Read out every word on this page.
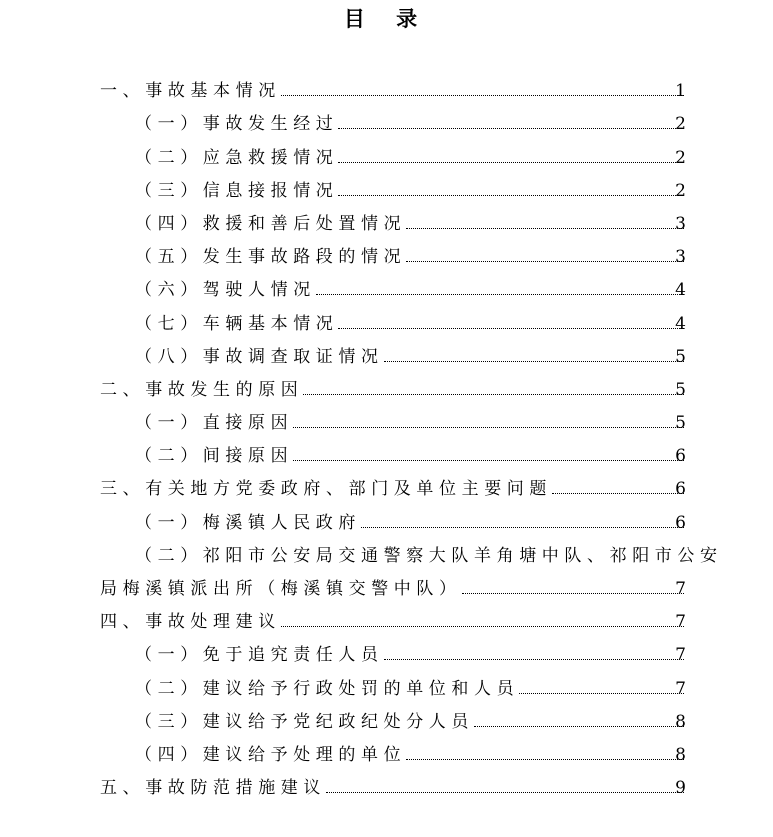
目 录
一、事故基本情况	1
（一）事故发生经过	2
（二）应急救援情况	2
（三）信息接报情况	2
（四）救援和善后处置情况	3
（五）发生事故路段的情况	3
（六）驾驶人情况	4
（七）车辆基本情况	4
（八）事故调查取证情况	5
二、事故发生的原因	5
（一）直接原因	5
（二）间接原因	6
三、有关地方党委政府、部门及单位主要问题	6
（一）梅溪镇人民政府	6
（二）祁阳市公安局交通警察大队羊角塘中队、祁阳市公安
局梅溪镇派出所（梅溪镇交警中队）	7
四、事故处理建议	7
（一）免于追究责任人员	7
（二）建议给予行政处罚的单位和人员	7
（三）建议给予党纪政纪处分人员	8
（四）建议给予处理的单位	8
五、事故防范措施建议	9
